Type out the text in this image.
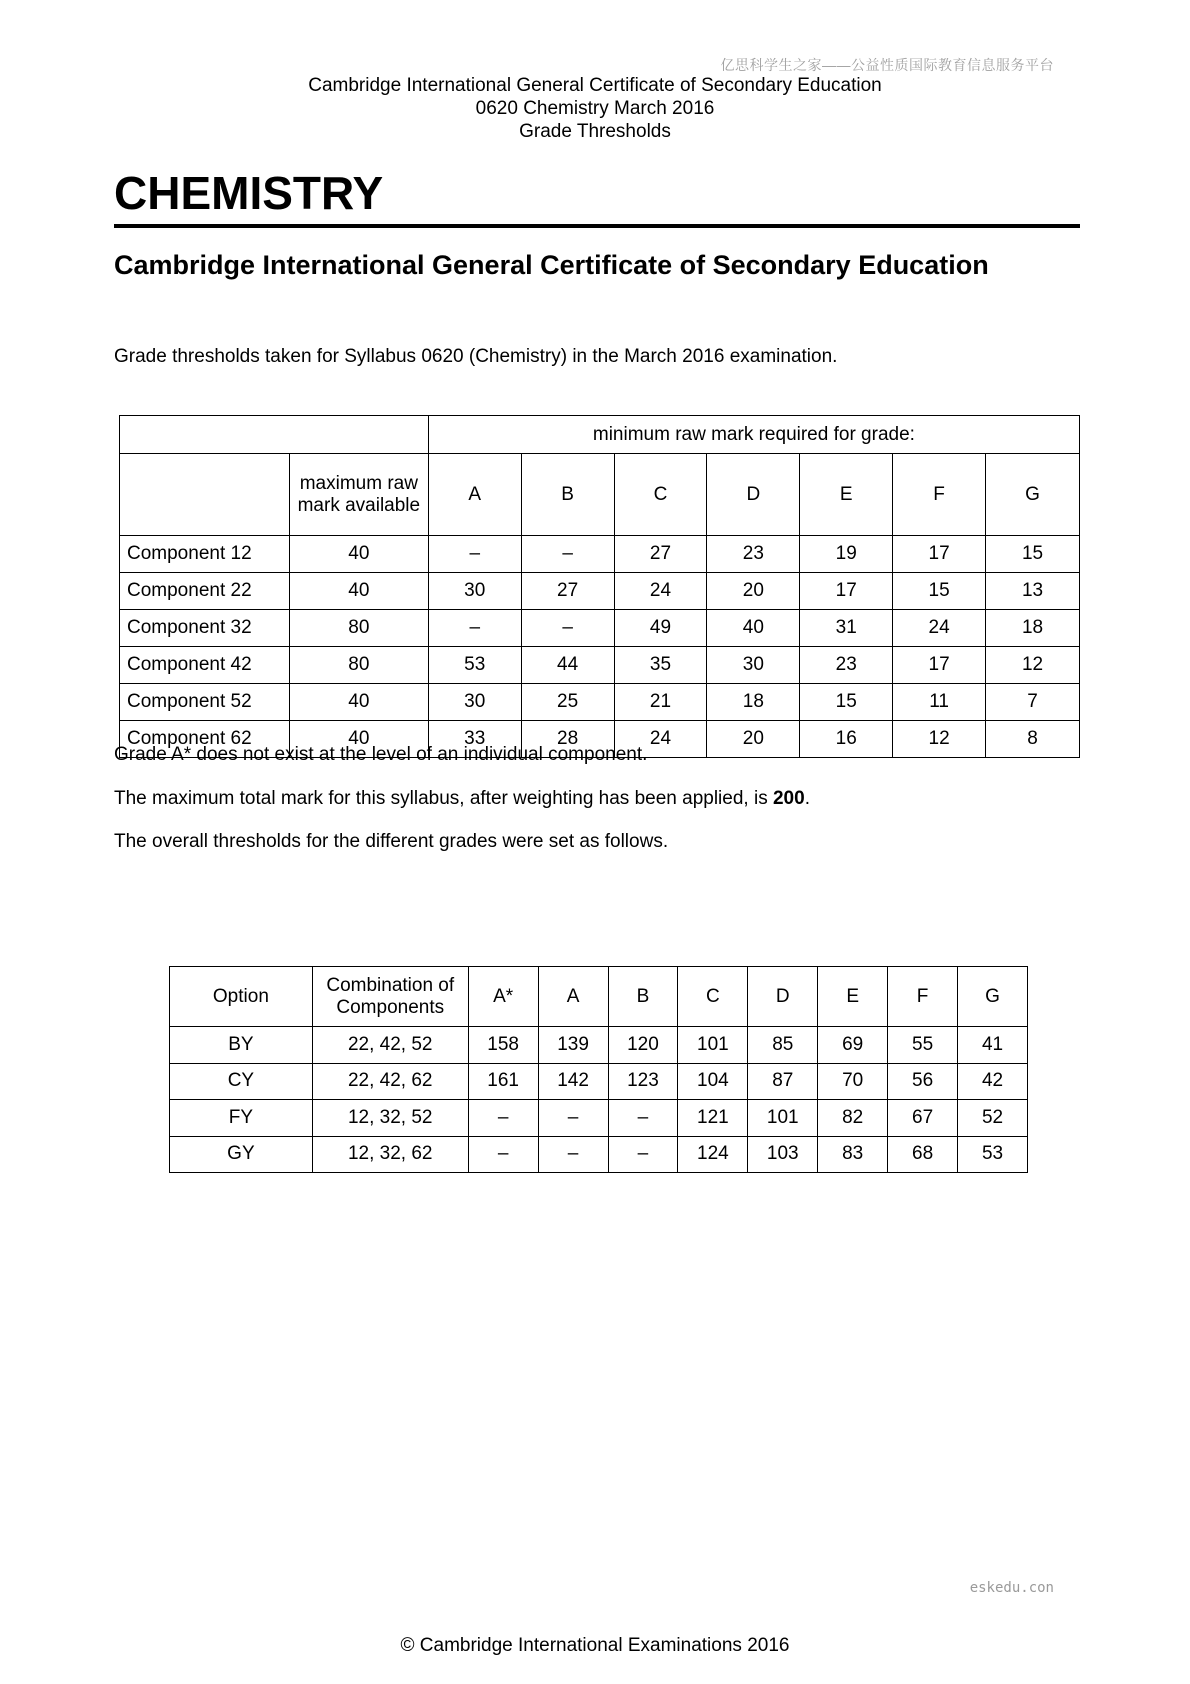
亿思科学生之家——公益性质国际教育信息服务平台
Cambridge International General Certificate of Secondary Education
0620 Chemistry March 2016
Grade Thresholds
CHEMISTRY
Cambridge International General Certificate of Secondary Education
Grade thresholds taken for Syllabus 0620 (Chemistry) in the March 2016 examination.
		minimum raw mark required for grade:						
	maximum raw mark available	A	B	C	D	E	F	G
Component 12	40	–	–	27	23	19	17	15
Component 22	40	30	27	24	20	17	15	13
Component 32	80	–	–	49	40	31	24	18
Component 42	80	53	44	35	30	23	17	12
Component 52	40	30	25	21	18	15	11	7
Component 62	40	33	28	24	20	16	12	8
Grade A* does not exist at the level of an individual component.
The maximum total mark for this syllabus, after weighting has been applied, is 200.
The overall thresholds for the different grades were set as follows.
Option	Combination of Components	A*	A	B	C	D	E	F	G
BY	22, 42, 52	158	139	120	101	85	69	55	41
CY	22, 42, 62	161	142	123	104	87	70	56	42
FY	12, 32, 52	–	–	–	121	101	82	67	52
GY	12, 32, 62	–	–	–	124	103	83	68	53
eskedu.con
© Cambridge International Examinations 2016
